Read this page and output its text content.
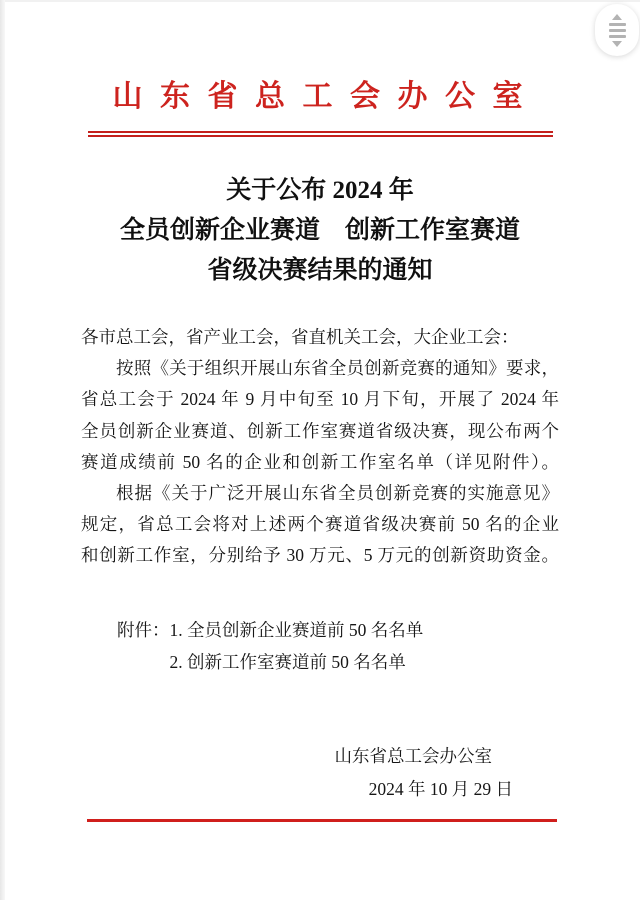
山 东 省 总 工 会 办 公 室
关于公布 2024 年
全员创新企业赛道　创新工作室赛道
省级决赛结果的通知
各市总工会，省产业工会，省直机关工会，大企业工会：
按照《关于组织开展山东省全员创新竞赛的通知》要求，
省总工会于 2024 年 9 月中旬至 10 月下旬，开展了 2024 年
全员创新企业赛道、创新工作室赛道省级决赛，现公布两个
赛道成绩前 50 名的企业和创新工作室名单（详见附件）。
根据《关于广泛开展山东省全员创新竞赛的实施意见》
规定，省总工会将对上述两个赛道省级决赛前 50 名的企业
和创新工作室，分别给予 30 万元、5 万元的创新资助资金。
附件： 1. 全员创新企业赛道前 50 名名单
2. 创新工作室赛道前 50 名名单
山东省总工会办公室
2024 年 10 月 29 日
